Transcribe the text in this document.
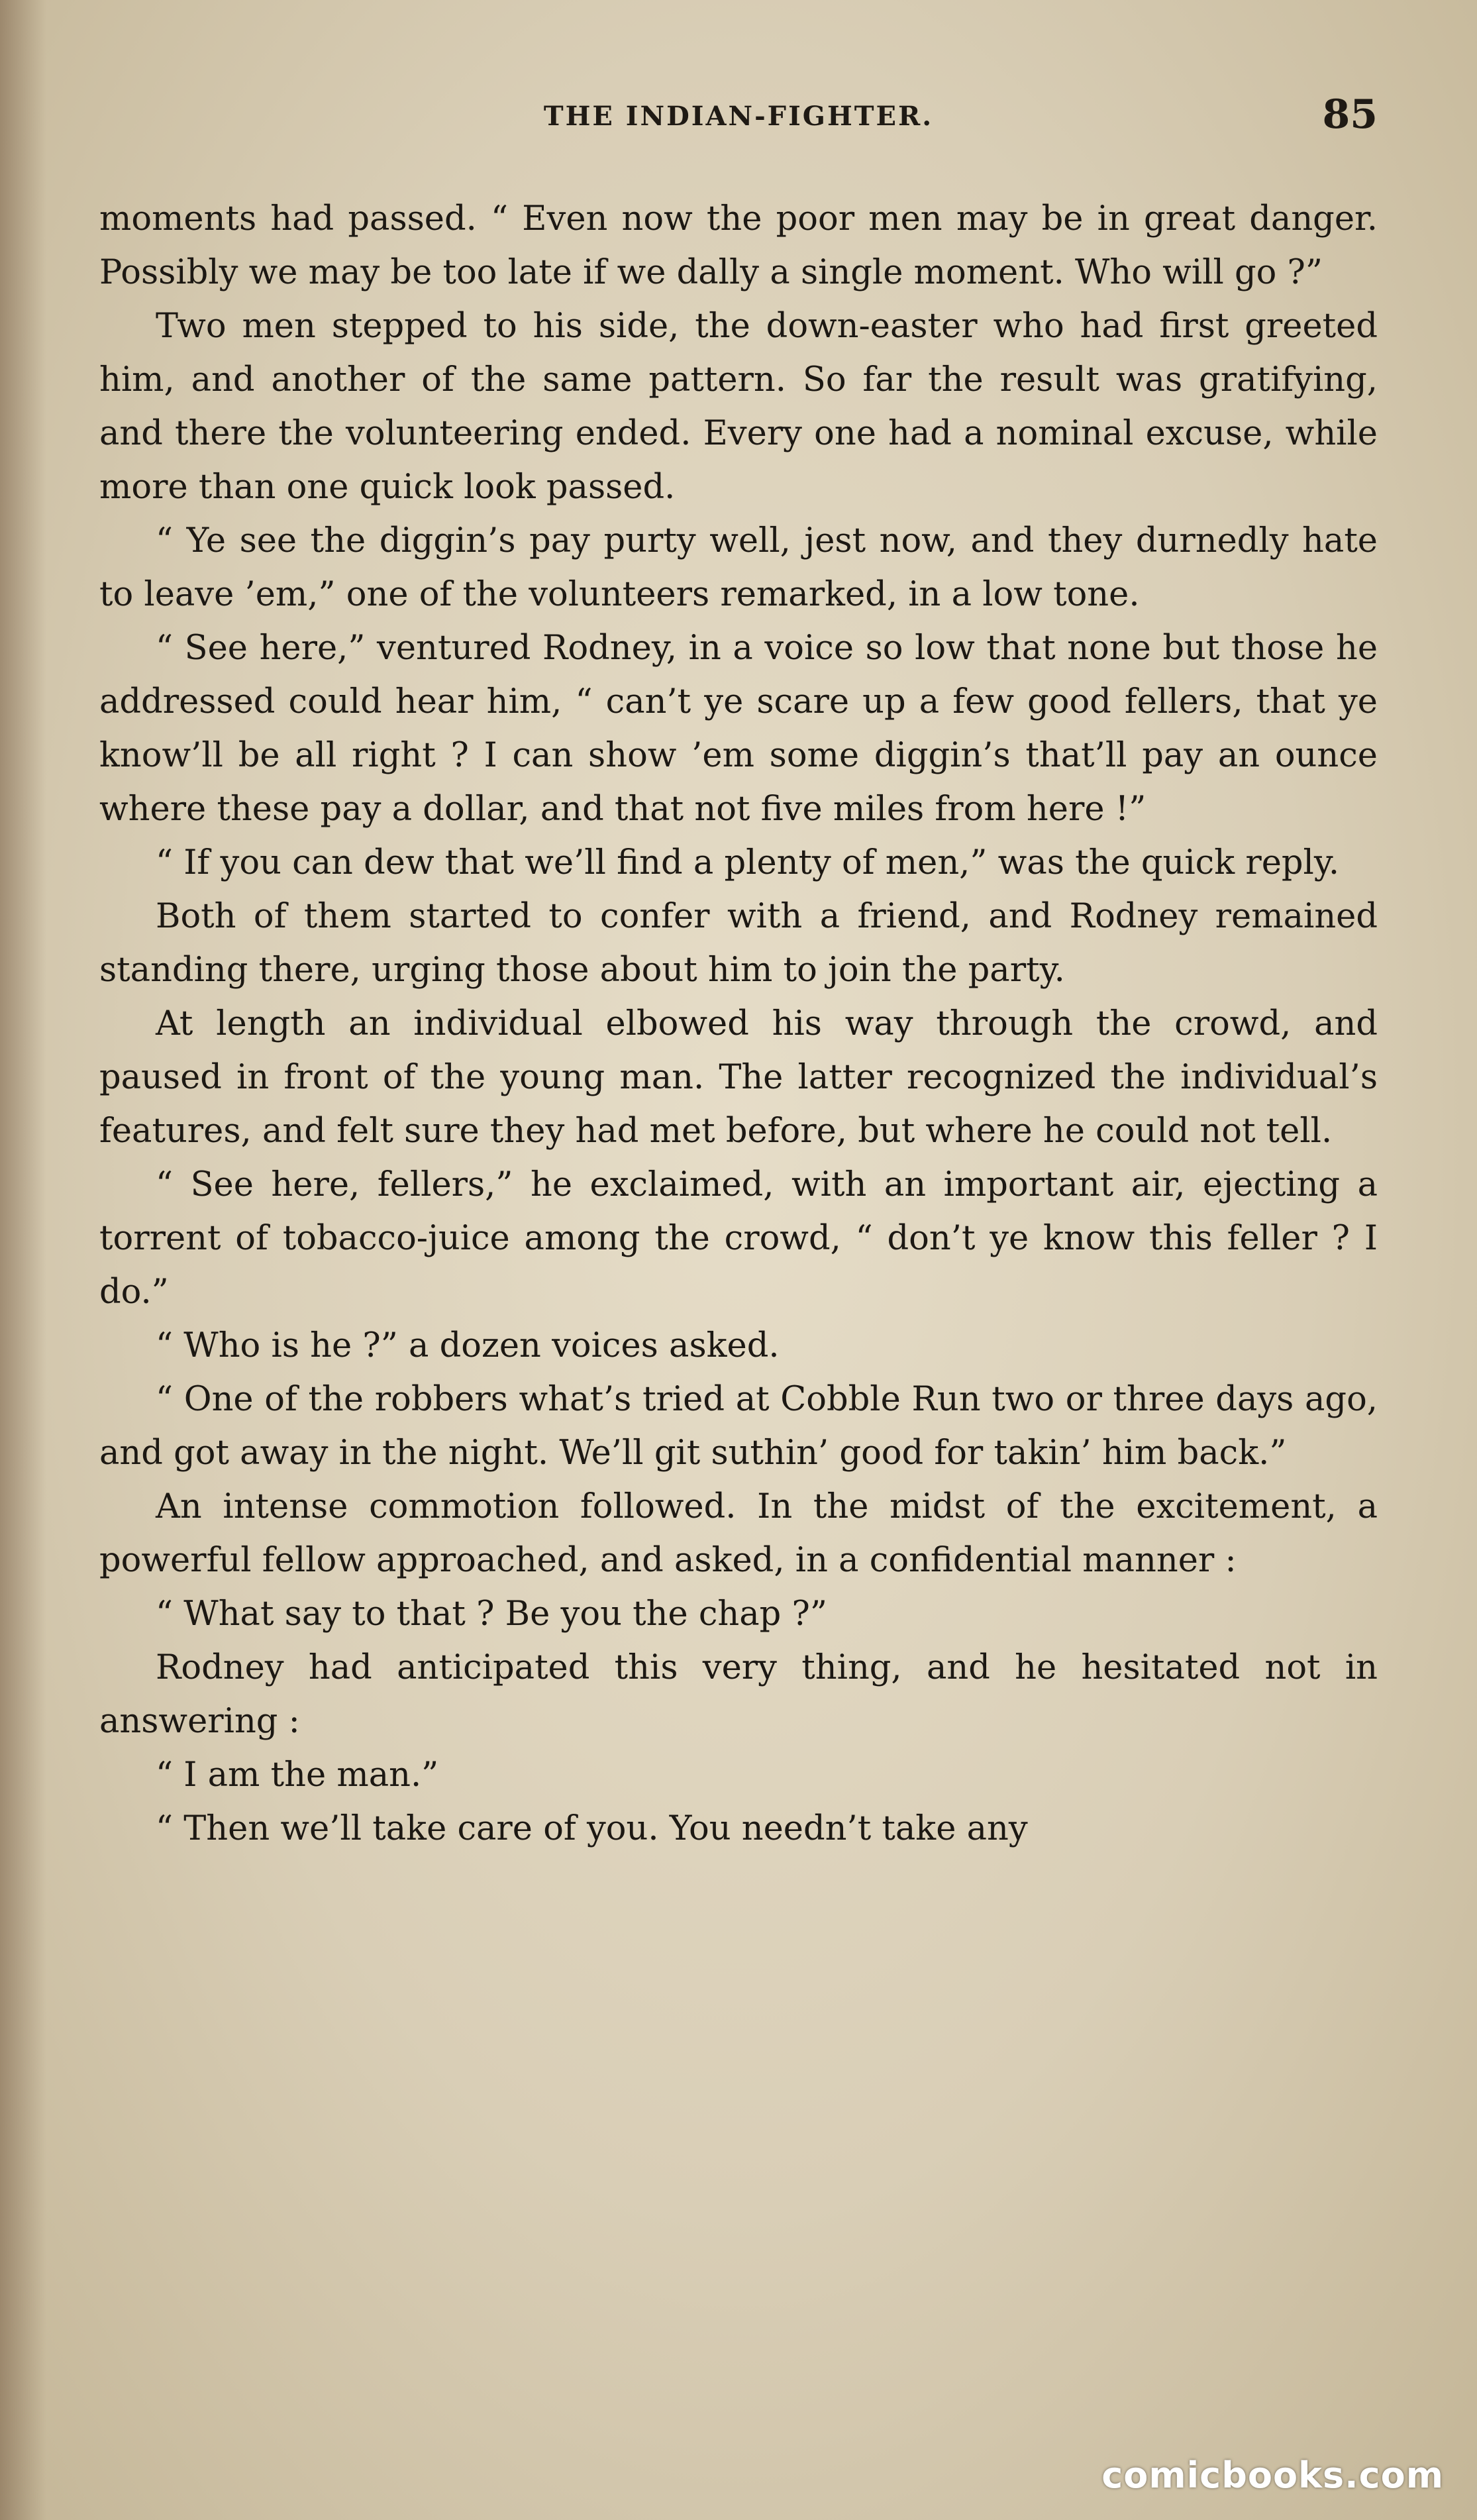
THE INDIAN-FIGHTER.	85

moments had passed. “ Even now the poor men may be in great danger. Possibly we may be too late if we dally a single moment. Who will go ?”

Two men stepped to his side, the down-easter who had first greeted him, and another of the same pattern. So far the result was gratifying, and there the volunteering ended. Every one had a nominal excuse, while more than one quick look passed.

“ Ye see the diggin’s pay purty well, jest now, and they durnedly hate to leave ’em,” one of the volunteers remarked, in a low tone.

“ See here,” ventured Rodney, in a voice so low that none but those he addressed could hear him, “ can’t ye scare up a few good fellers, that ye know’ll be all right ? I can show ’em some diggin’s that’ll pay an ounce where these pay a dollar, and that not five miles from here !”

“ If you can dew that we’ll find a plenty of men,” was the quick reply.

Both of them started to confer with a friend, and Rodney remained standing there, urging those about him to join the party.

At length an individual elbowed his way through the crowd, and paused in front of the young man. The latter recognized the individual’s features, and felt sure they had met before, but where he could not tell.

“ See here, fellers,” he exclaimed, with an important air, ejecting a torrent of tobacco-juice among the crowd, “ don’t ye know this feller ? I do.”

“ Who is he ?” a dozen voices asked.

“ One of the robbers what’s tried at Cobble Run two or three days ago, and got away in the night. We’ll git suthin’ good for takin’ him back.”

An intense commotion followed. In the midst of the excitement, a powerful fellow approached, and asked, in a confidential manner :

“ What say to that ? Be you the chap ?”

Rodney had anticipated this very thing, and he hesitated not in answering :

“ I am the man.”

“ Then we’ll take care of you. You needn’t take any

comicbooks.com
